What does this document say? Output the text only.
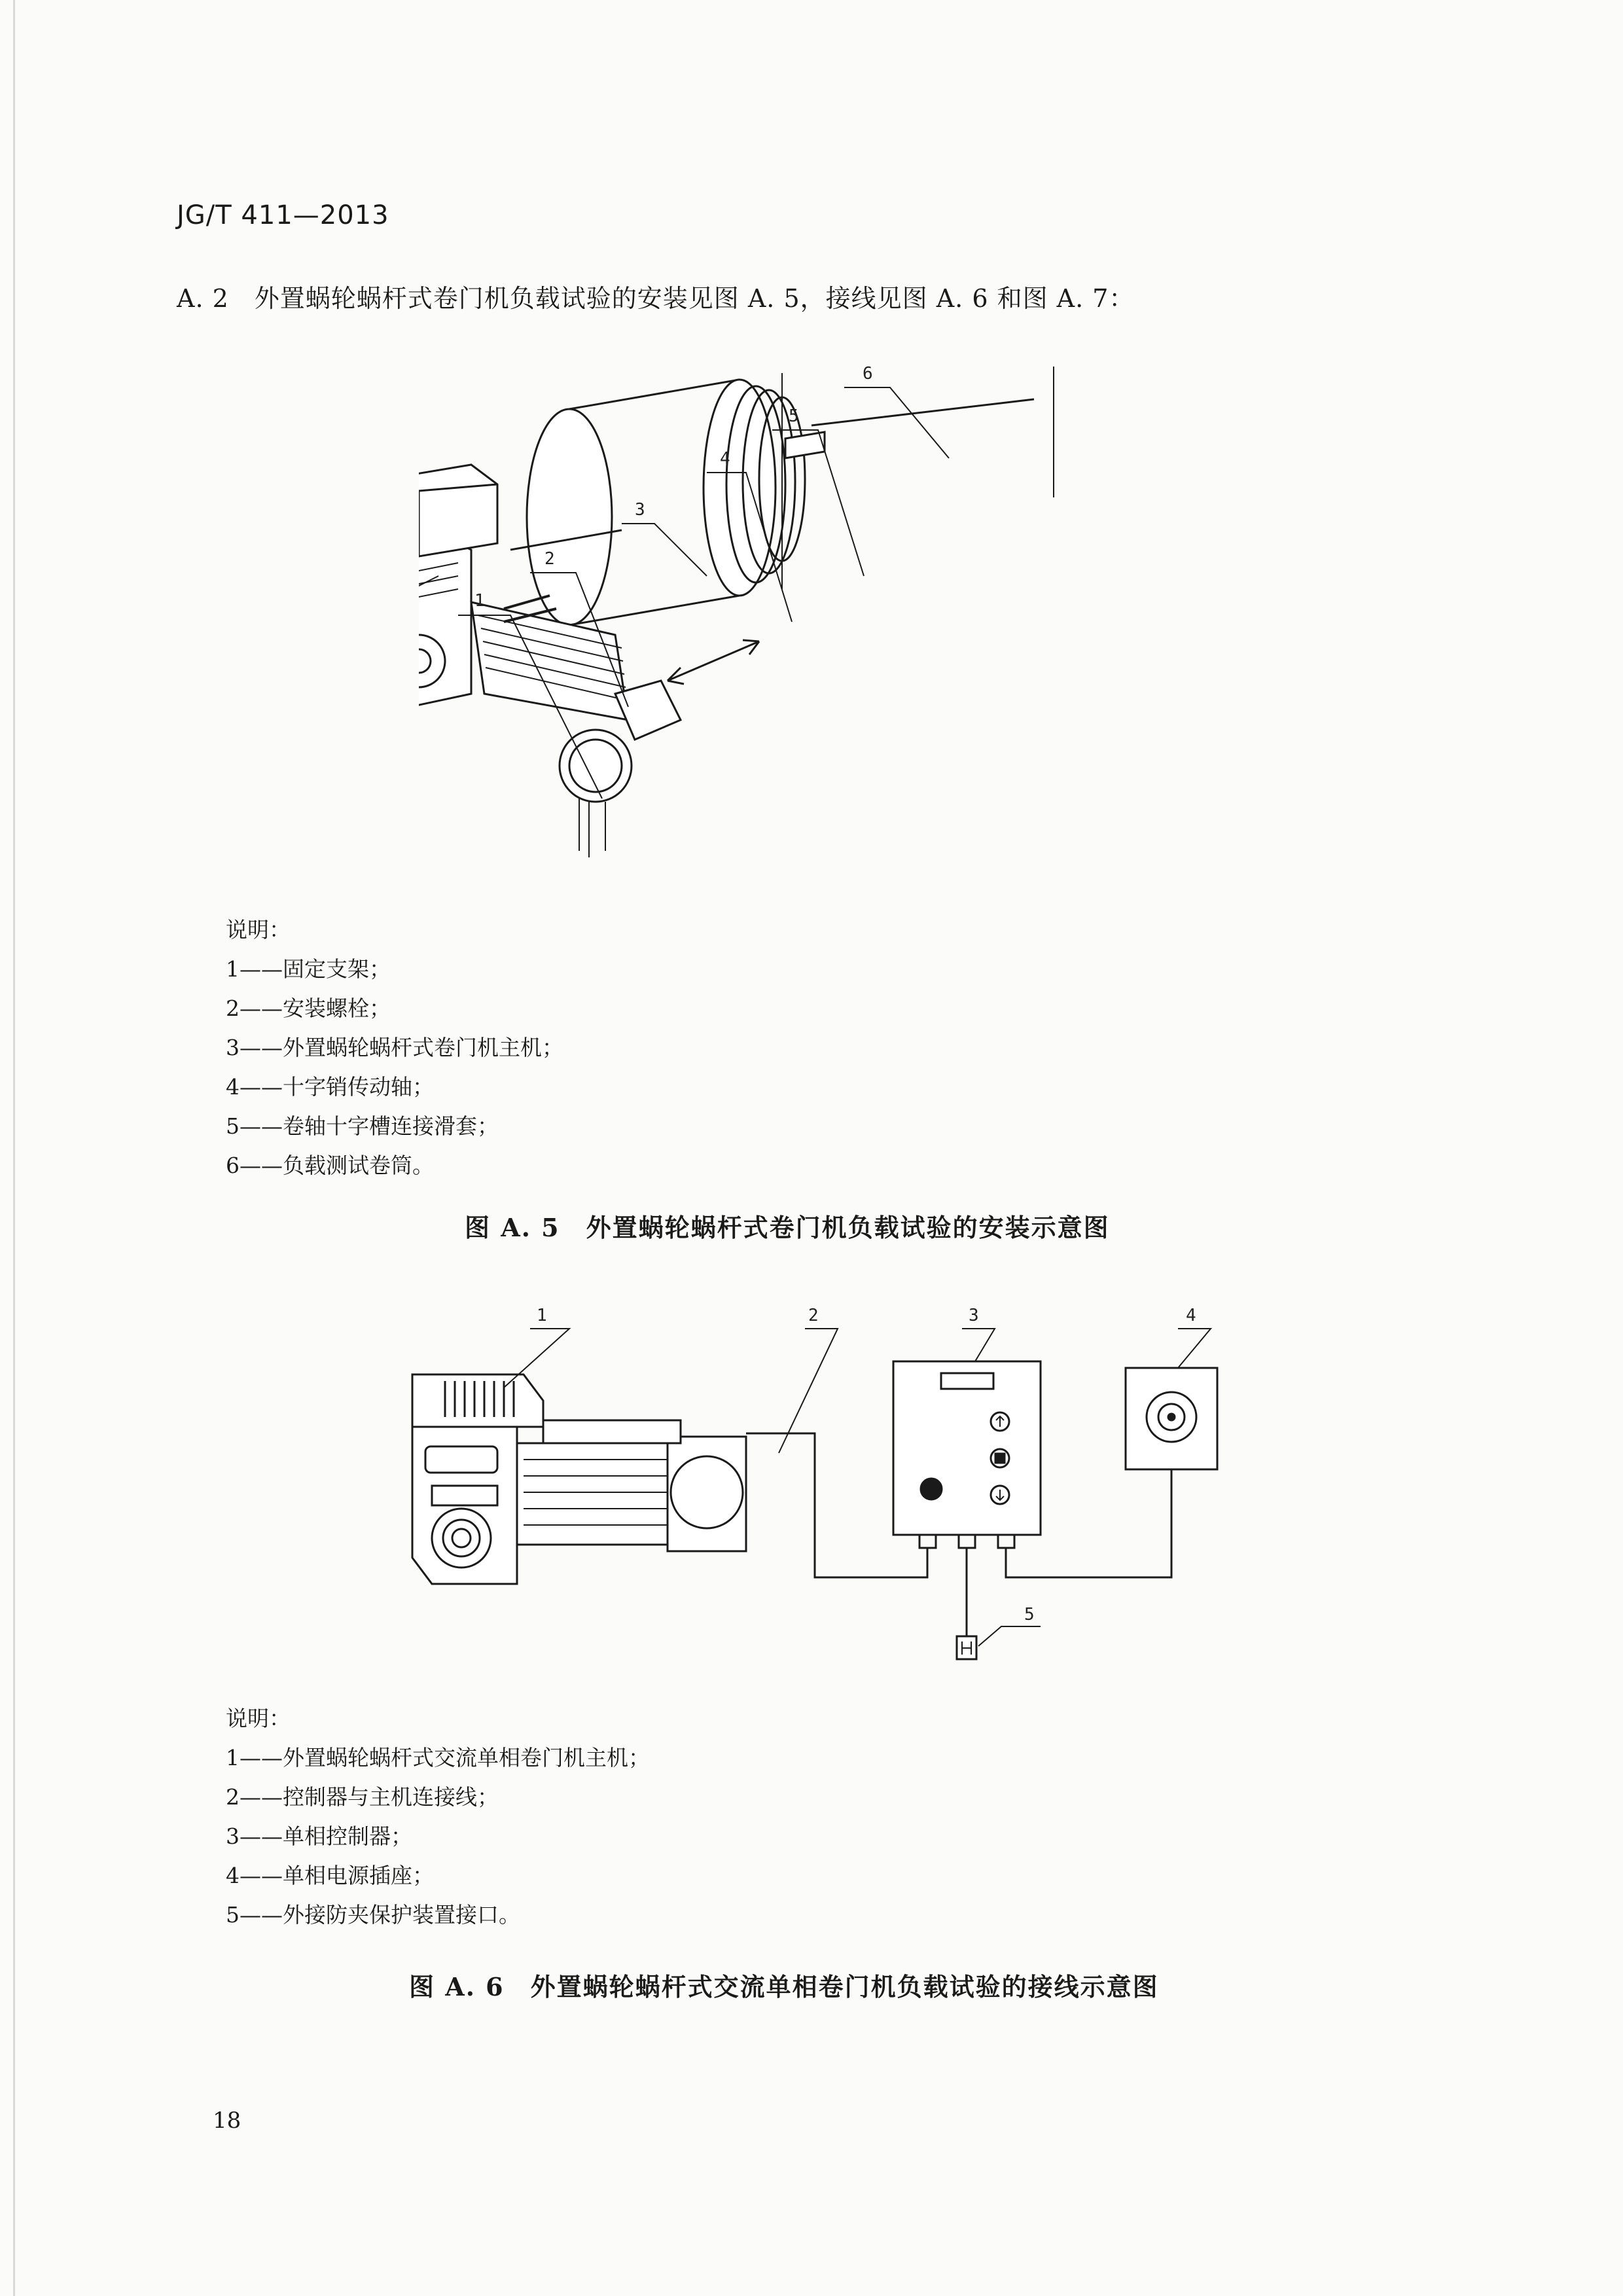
JG/T 411—2013
A. 2　外置蜗轮蜗杆式卷门机负载试验的安装见图 A. 5，接线见图 A. 6 和图 A. 7：
1
2
3
4
5
6
说明：
1——固定支架；
2——安装螺栓；
3——外置蜗轮蜗杆式卷门机主机；
4——十字销传动轴；
5——卷轴十字槽连接滑套；
6——负载测试卷筒。
图 A. 5　外置蜗轮蜗杆式卷门机负载试验的安装示意图
1	2	3	4
5
说明：
1——外置蜗轮蜗杆式交流单相卷门机主机；
2——控制器与主机连接线；
3——单相控制器；
4——单相电源插座；
5——外接防夹保护装置接口。
图 A. 6　外置蜗轮蜗杆式交流单相卷门机负载试验的接线示意图
18
